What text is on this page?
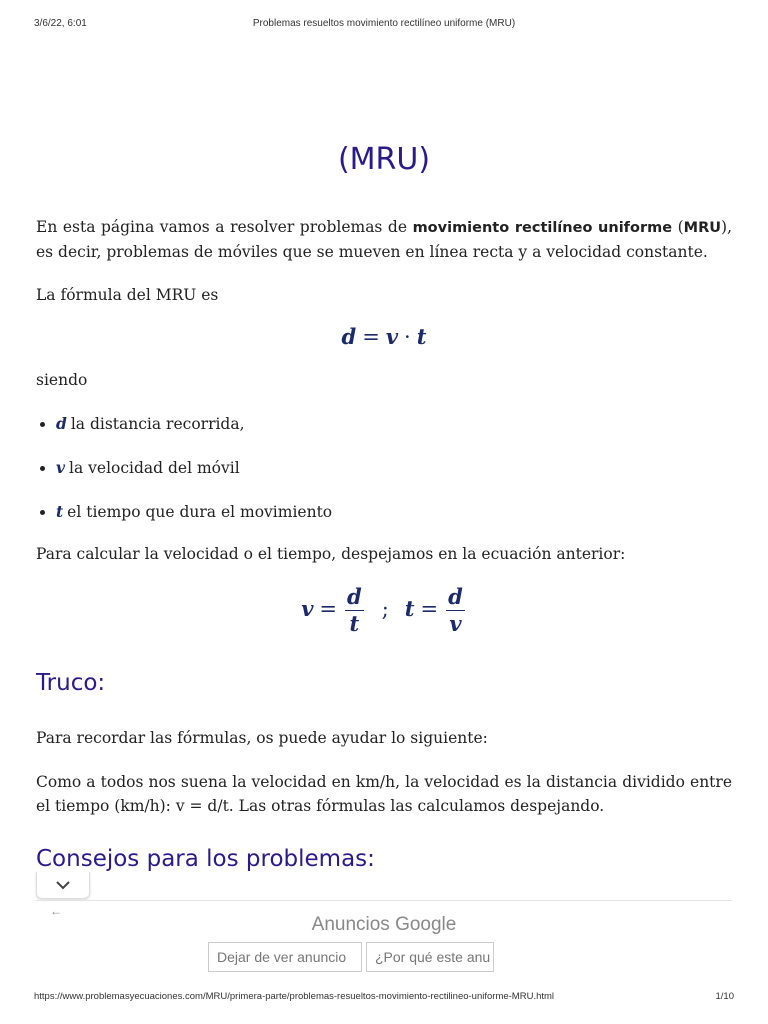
3/6/22, 6:01	Problemas resueltos movimiento rectilíneo uniforme (MRU)
(MRU)

En esta página vamos a resolver problemas de movimiento rectilíneo uniforme (MRU), es decir, problemas de móviles que se mueven en línea recta y a velocidad constante.

La fórmula del MRU es

d = v · t

siendo

• d la distancia recorrida,
• v la velocidad del móvil
• t el tiempo que dura el movimiento

Para calcular la velocidad o el tiempo, despejamos en la ecuación anterior:

$v = \frac{d}{t}$ ; $t = \frac{d}{v}$
Truco:

Para recordar las fórmulas, os puede ayudar lo siguiente:

Como a todos nos suena la velocidad en km/h, la velocidad es la distancia dividido entre el tiempo (km/h): v = d/t. Las otras fórmulas las calculamos despejando.

Consejos para los problemas:
←
Anuncios Google
Dejar de ver anuncio	¿Por qué este anu
https://www.problemasyecuaciones.com/MRU/primera-parte/problemas-resueltos-movimiento-rectilineo-uniforme-MRU.html	1/10
